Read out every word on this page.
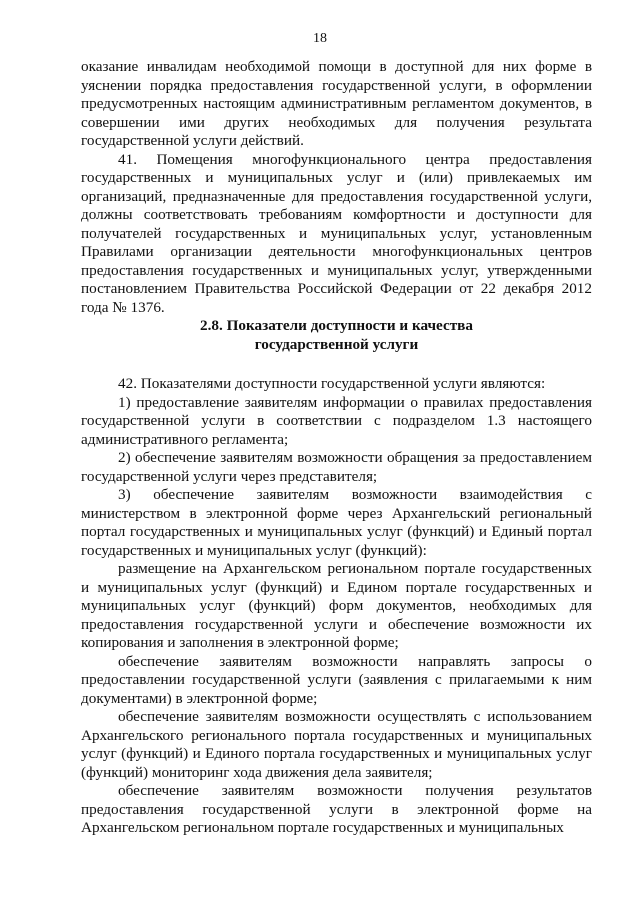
18

оказание инвалидам необходимой помощи в доступной для них форме в уяснении порядка предоставления государственной услуги, в оформлении предусмотренных настоящим административным регламентом документов, в совершении ими других необходимых для получения результата государственной услуги действий.

41. Помещения многофункционального центра предоставления государственных и муниципальных услуг и (или) привлекаемых им организаций, предназначенные для предоставления государственной услуги, должны соответствовать требованиям комфортности и доступности для получателей государственных и муниципальных услуг, установленным Правилами организации деятельности многофункциональных центров предоставления государственных и муниципальных услуг, утвержденными постановлением Правительства Российской Федерации от 22 декабря 2012 года № 1376.

2.8. Показатели доступности и качества
государственной услуги

42. Показателями доступности государственной услуги являются:

1) предоставление заявителям информации о правилах предоставления государственной услуги в соответствии с подразделом 1.3 настоящего административного регламента;

2) обеспечение заявителям возможности обращения за предоставлением государственной услуги через представителя;

3) обеспечение заявителям возможности взаимодействия с министерством в электронной форме через Архангельский региональный портал государственных и муниципальных услуг (функций) и Единый портал государственных и муниципальных услуг (функций):

размещение на Архангельском региональном портале государственных и муниципальных услуг (функций) и Едином портале государственных и муниципальных услуг (функций) форм документов, необходимых для предоставления государственной услуги и обеспечение возможности их копирования и заполнения в электронной форме;

обеспечение заявителям возможности направлять запросы о предоставлении государственной услуги (заявления с прилагаемыми к ним документами) в электронной форме;

обеспечение заявителям возможности осуществлять с использованием Архангельского регионального портала государственных и муниципальных услуг (функций) и Единого портала государственных и муниципальных услуг (функций) мониторинг хода движения дела заявителя;

обеспечение заявителям возможности получения результатов предоставления государственной услуги в электронной форме на Архангельском региональном портале государственных и муниципальных
